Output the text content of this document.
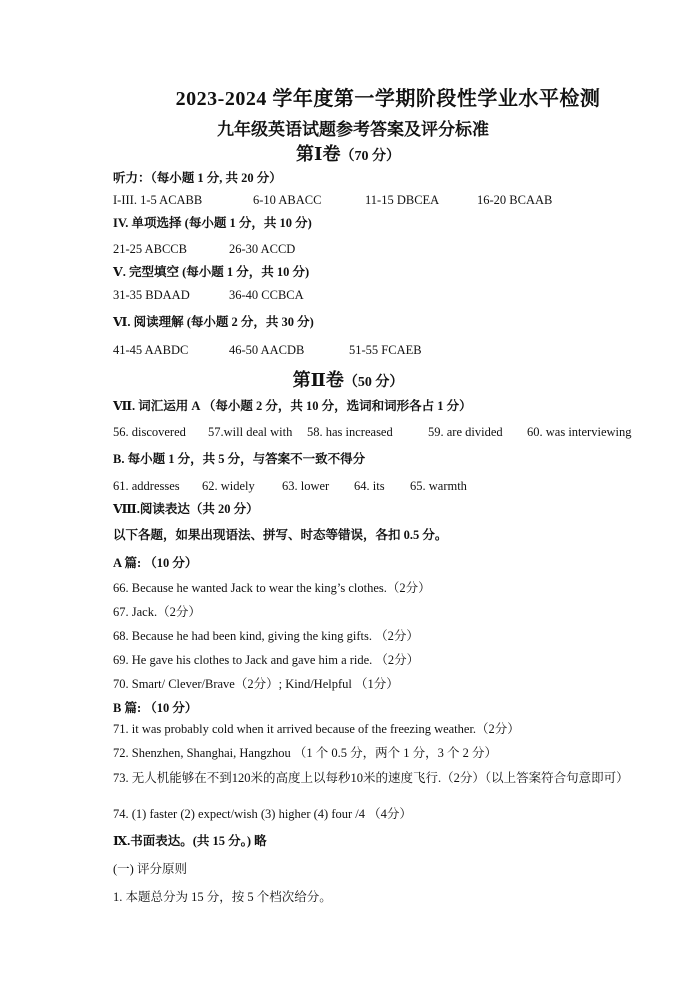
2023-2024 学年度第一学期阶段性学业水平检测
九年级英语试题参考答案及评分标准
第Ⅰ卷（70 分）
听力：（每小题 1 分, 共 20 分）
I-III. 1-5 ACABB	6-10 ABACC	11-15 DBCEA	16-20 BCAAB
IV. 单项选择 (每小题 1 分，共 10 分)
21-25 ABCCB	26-30 ACCD
Ⅴ. 完型填空 (每小题 1 分，共 10 分)
31-35 BDAAD	36-40 CCBCA
Ⅵ. 阅读理解 (每小题 2 分，共 30 分)
41-45 AABDC	46-50 AACDB	51-55 FCAEB
第Ⅱ卷（50 分）
Ⅶ. 词汇运用 A （每小题 2 分，共 10 分，选词和词形各占 1 分）
56. discovered 57.will deal with 58. has increased	59. are divided 60. was interviewing
B. 每小题 1 分，共 5 分，与答案不一致不得分
61. addresses 62. widely 63. lower 64. its 65. warmth
Ⅷ.阅读表达（共 20 分）
以下各题，如果出现语法、拼写、时态等错误，各扣 0.5 分。
A 篇: （10 分）
66. Because he wanted Jack to wear the king’s clothes.（2分）
67. Jack.（2分）
68. Because he had been kind, giving the king gifts. （2分）
69. He gave his clothes to Jack and gave him a ride. （2分）
70. Smart/ Clever/Brave（2分）; Kind/Helpful （1分）
B 篇: （10 分）
71. it was probably cold when it arrived because of the freezing weather.（2分）
72. Shenzhen, Shanghai, Hangzhou （1 个 0.5 分，两个 1 分，3 个 2 分）
73. 无人机能够在不到120米的高度上以每秒10米的速度飞行.（2分）（以上答案符合句意即可）
74. (1) faster (2) expect/wish (3) higher (4) four /4 （4分）
Ⅸ.书面表达。(共 15 分。) 略
(一) 评分原则
1. 本题总分为 15 分，按 5 个档次给分。
